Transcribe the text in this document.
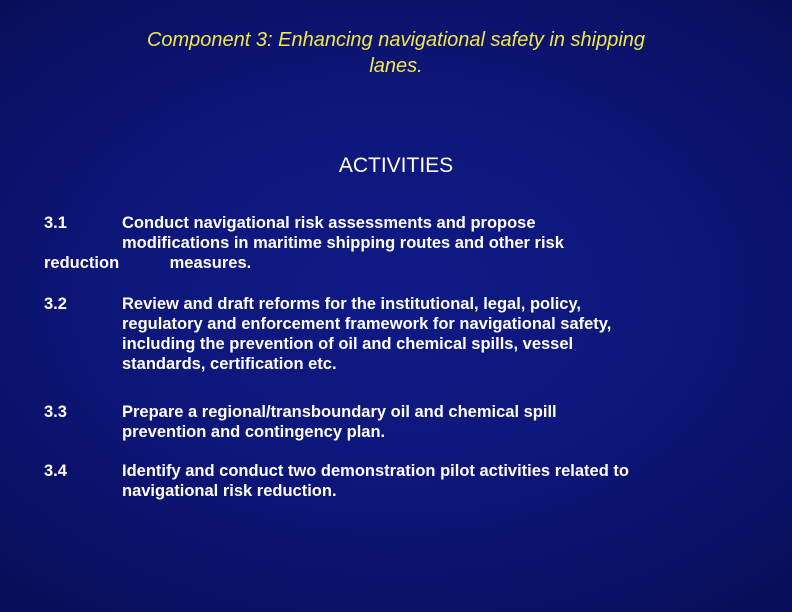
Component 3: Enhancing navigational safety in shipping
lanes.
ACTIVITIES
3.1	Conduct navigational risk assessments and propose
modifications in maritime shipping routes and other risk
reduction           measures.
3.2	Review and draft reforms for the institutional, legal, policy,
regulatory and enforcement framework for navigational safety,
including the prevention of oil and chemical spills, vessel
standards, certification etc.
3.3	Prepare a regional/transboundary oil and chemical spill
prevention and contingency plan.
3.4	Identify and conduct two demonstration pilot activities related to
navigational risk reduction.
